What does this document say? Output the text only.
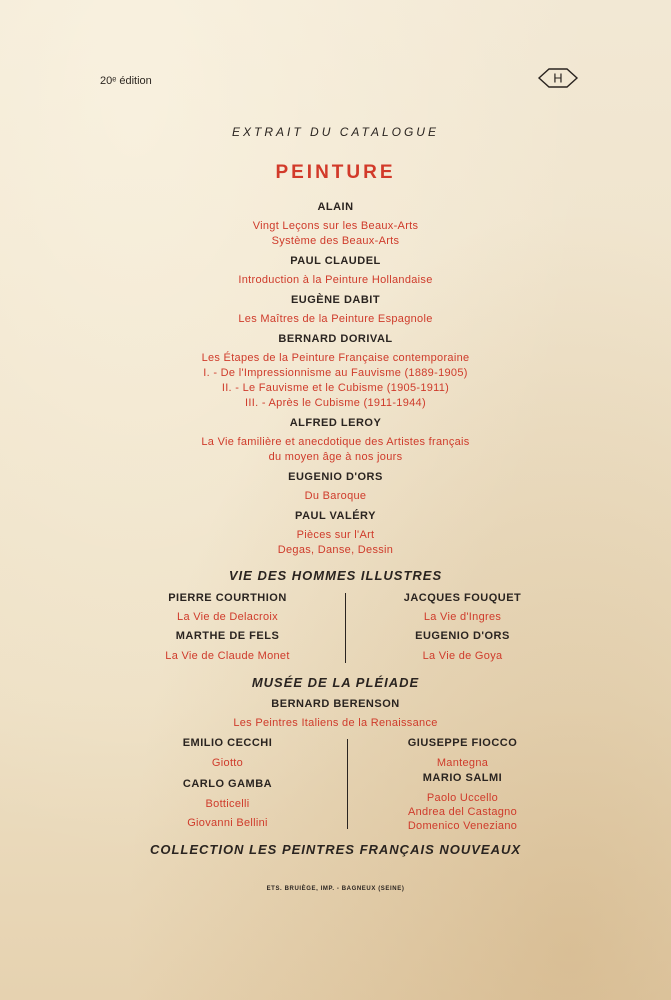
20ᵉ édition	H
EXTRAIT DU CATALOGUE
PEINTURE
ALAIN
Vingt Leçons sur les Beaux-Arts
Système des Beaux-Arts
PAUL CLAUDEL
Introduction à la Peinture Hollandaise
EUGÈNE DABIT
Les Maîtres de la Peinture Espagnole
BERNARD DORIVAL
Les Étapes de la Peinture Française contemporaine
I. - De l'Impressionnisme au Fauvisme (1889-1905)
II. - Le Fauvisme et le Cubisme (1905-1911)
III. - Après le Cubisme (1911-1944)
ALFRED LEROY
La Vie familière et anecdotique des Artistes français
du moyen âge à nos jours
EUGENIO D'ORS
Du Baroque
PAUL VALÉRY
Pièces sur l'Art
Degas, Danse, Dessin
VIE DES HOMMES ILLUSTRES
PIERRE COURTHION
La Vie de Delacroix
MARTHE DE FELS
La Vie de Claude Monet
JACQUES FOUQUET
La Vie d'Ingres
EUGENIO D'ORS
La Vie de Goya
MUSÉE DE LA PLÉIADE
BERNARD BERENSON
Les Peintres Italiens de la Renaissance
EMILIO CECCHI
Giotto
CARLO GAMBA
Botticelli
Giovanni Bellini
GIUSEPPE FIOCCO
Mantegna
MARIO SALMI
Paolo Uccello
Andrea del Castagno
Domenico Veneziano
COLLECTION LES PEINTRES FRANÇAIS NOUVEAUX
ETS. BRUIÈGE, IMP. - BAGNEUX (SEINE)
